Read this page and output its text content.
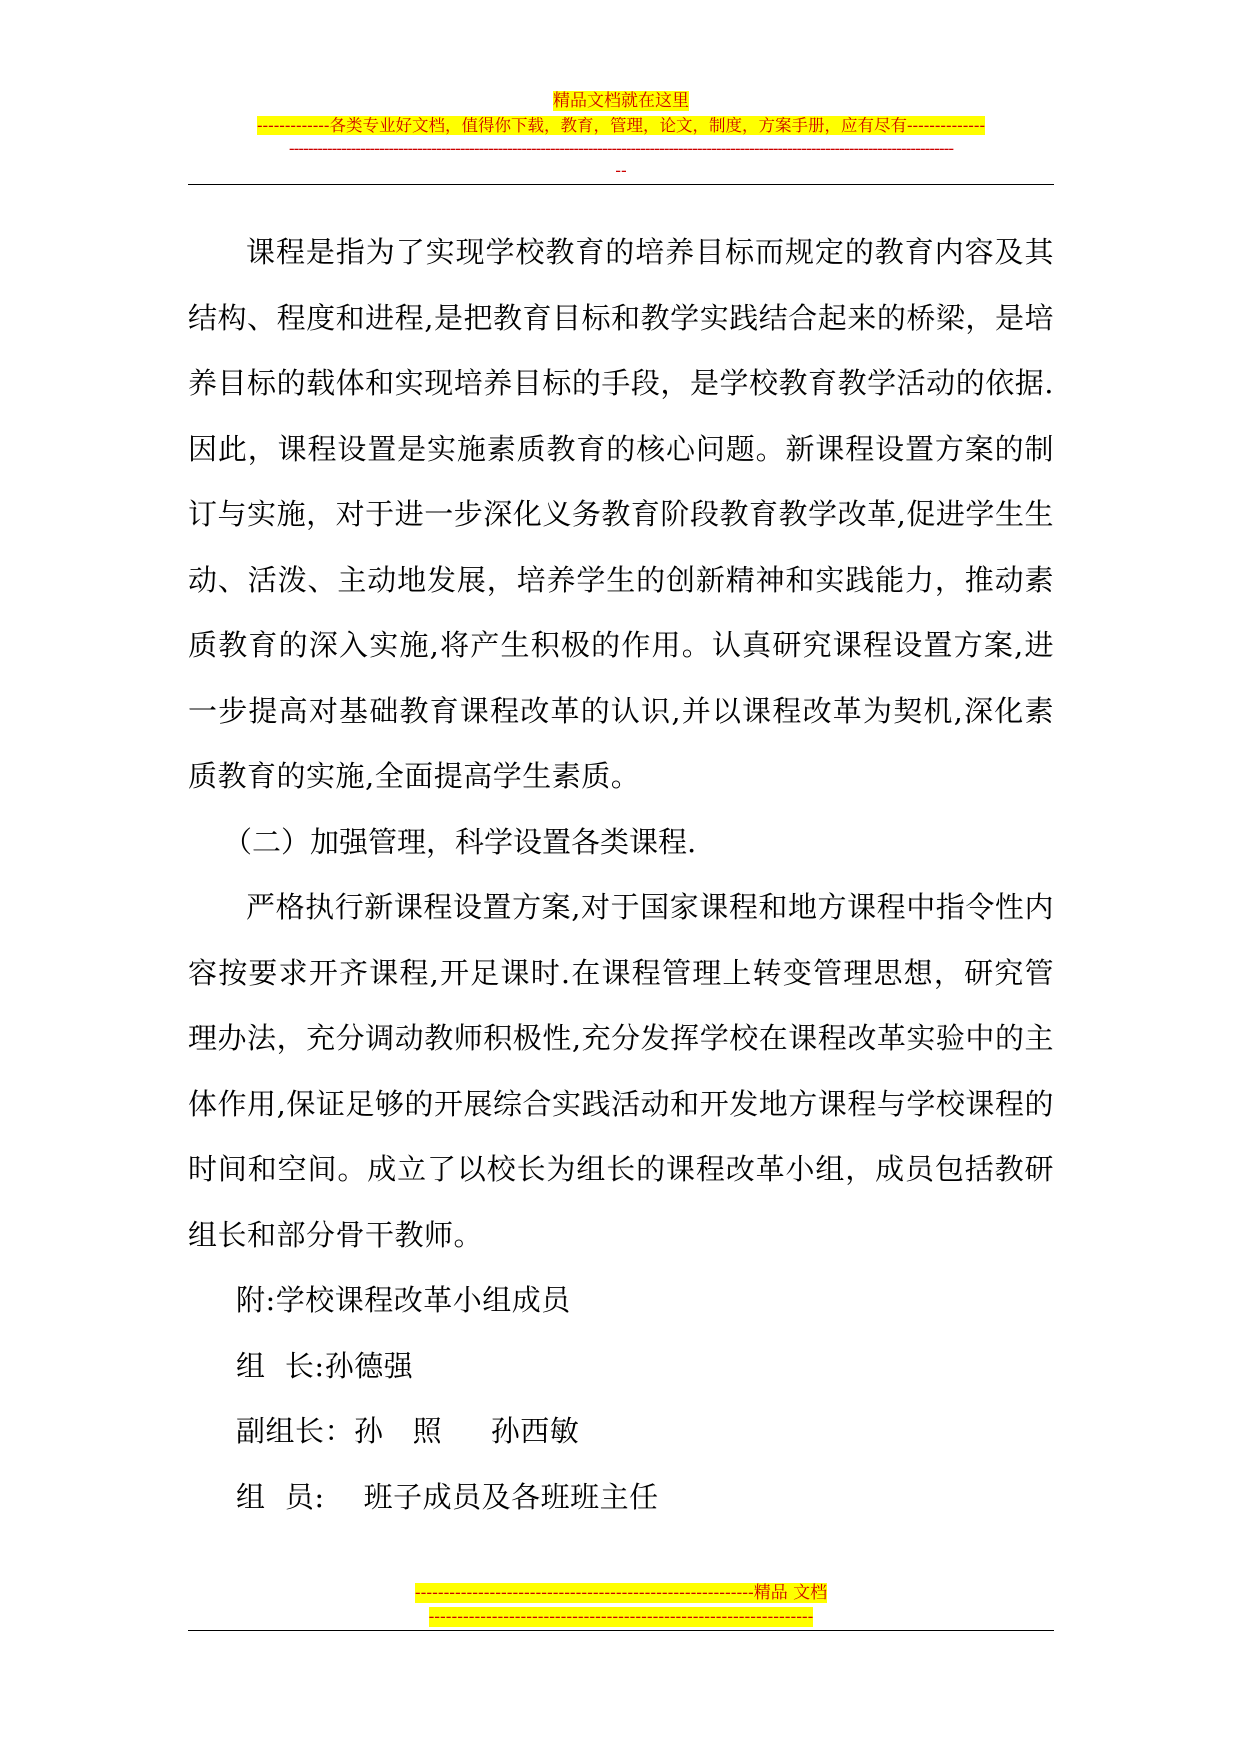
精品文档就在这里
-------------各类专业好文档，值得你下载，教育，管理，论文，制度，方案手册，应有尽有--------------
--------------------------------------------------------------------------------------------------------------------------------------------
--

课程是指为了实现学校教育的培养目标而规定的教育内容及其结构、程度和进程,是把教育目标和教学实践结合起来的桥梁，是培养目标的载体和实现培养目标的手段，是学校教育教学活动的依据.因此，课程设置是实施素质教育的核心问题。新课程设置方案的制订与实施，对于进一步深化义务教育阶段教育教学改革,促进学生生动、活泼、主动地发展，培养学生的创新精神和实践能力，推动素质教育的深入实施,将产生积极的作用。认真研究课程设置方案,进一步提高对基础教育课程改革的认识,并以课程改革为契机,深化素质教育的实施,全面提高学生素质。

（二）加强管理，科学设置各类课程.

严格执行新课程设置方案,对于国家课程和地方课程中指令性内容按要求开齐课程,开足课时.在课程管理上转变管理思想，研究管理办法，充分调动教师积极性,充分发挥学校在课程改革实验中的主体作用,保证足够的开展综合实践活动和开发地方课程与学校课程的时间和空间。成立了以校长为组长的课程改革小组，成员包括教研组长和部分骨干教师。

附:学校课程改革小组成员

组  长:孙德强

副组长：孙   照     孙西敏

组  员:    班子成员及各班班主任

-----------------------------------------------------------精品 文档
-------------------------------------------------------------------
